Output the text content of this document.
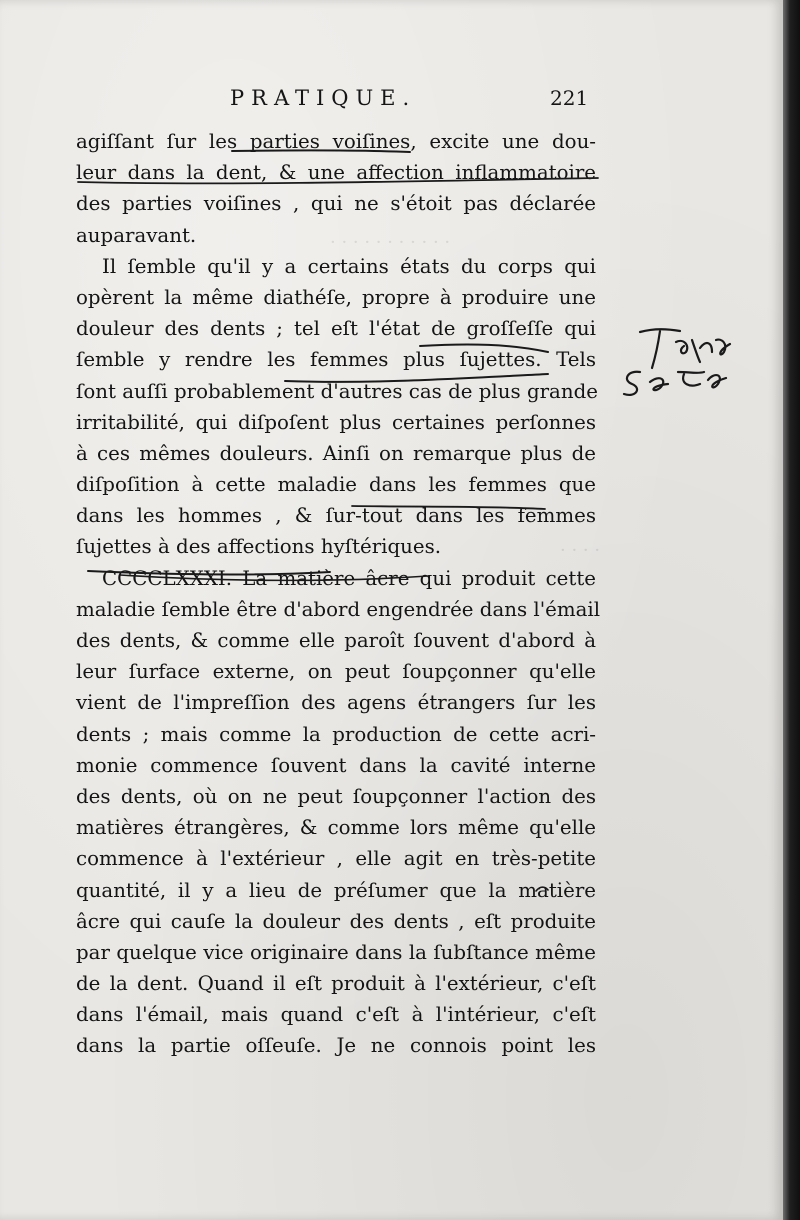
PRATIQUE.	221
· · · · · · · · · · ·
· · · ·
agiſſant ſur les parties voiſines, excite une dou-
leur dans la dent, & une affection inflammatoire
des parties voiſines , qui ne s'étoit pas déclarée
auparavant.
Il ſemble qu'il y a certains états du corps qui
opèrent la même diathéſe, propre à produire une
douleur des dents ; tel eſt l'état de groſſeſſe qui
ſemble y rendre les femmes plus ſujettes. Tels
ſont auſſi probablement d'autres cas de plus grande
irritabilité, qui diſpoſent plus certaines perſonnes
à ces mêmes douleurs. Ainſi on remarque plus de
diſpoſition à cette maladie dans les femmes que
dans les hommes , & ſur-tout dans les femmes
ſujettes à des affections hyſtériques.
CCCCLXXXI. La matière âcre qui produit cette
maladie ſemble être d'abord engendrée dans l'émail
des dents, & comme elle paroît ſouvent d'abord à
leur ſurface externe, on peut ſoupçonner qu'elle
vient de l'impreſſion des agens étrangers ſur les
dents ; mais comme la production de cette acri-
monie commence ſouvent dans la cavité interne
des dents, où on ne peut ſoupçonner l'action des
matières étrangères, & comme lors même qu'elle
commence à l'extérieur , elle agit en très-petite
quantité, il y a lieu de préſumer que la matière
âcre qui cauſe la douleur des dents , eſt produite
par quelque vice originaire dans la ſubſtance même
de la dent. Quand il eſt produit à l'extérieur, c'eſt
dans l'émail, mais quand c'eſt à l'intérieur, c'eſt
dans la partie oſſeuſe. Je ne connois point les
